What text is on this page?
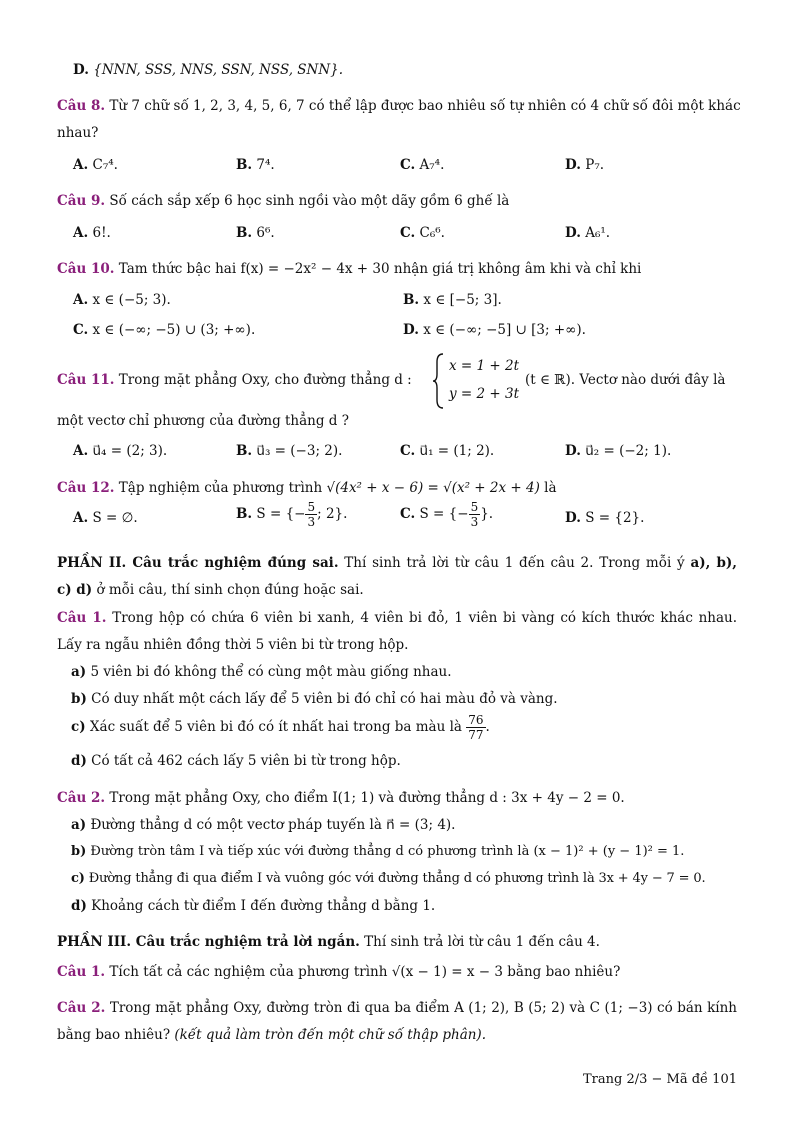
D. {NNN, SSS, NNS, SSN, NSS, SNN}.
Câu 8. Từ 7 chữ số 1, 2, 3, 4, 5, 6, 7 có thể lập được bao nhiêu số tự nhiên có 4 chữ số đôi một khác
nhau?
A. C₇⁴.	B. 7⁴.	C. A₇⁴.	D. P₇.
Câu 9. Số cách sắp xếp 6 học sinh ngồi vào một dãy gồm 6 ghế là
A. 6!.	B. 6⁶.	C. C₆⁶.	D. A₆¹.
Câu 10. Tam thức bậc hai f(x) = −2x² − 4x + 30 nhận giá trị không âm khi và chỉ khi
A. x ∈ (−5; 3).	B. x ∈ [−5; 3].
C. x ∈ (−∞; −5) ∪ (3; +∞).	D. x ∈ (−∞; −5] ∪ [3; +∞).
Câu 11. Trong mặt phẳng Oxy, cho đường thẳng d :
x = 1 + 2t
y = 2 + 3t
(t ∈ ℝ). Vectơ nào dưới đây là
một vectơ chỉ phương của đường thẳng d ?
A. u⃗₄ = (2; 3).	B. u⃗₃ = (−3; 2).	C. u⃗₁ = (1; 2).	D. u⃗₂ = (−2; 1).
Câu 12. Tập nghiệm của phương trình √(4x² + x − 6) = √(x² + 2x + 4) là
A. S = ∅.	B. S = {− $\frac{5}{3}$ ; 2}.	C. S = {− $\frac{5}{3}$ }.	D. S = {2}.
PHẦN II. Câu trắc nghiệm đúng sai. Thí sinh trả lời từ câu 1 đến câu 2. Trong mỗi ý a), b),
c) d) ở mỗi câu, thí sinh chọn đúng hoặc sai.
Câu 1. Trong hộp có chứa 6 viên bi xanh, 4 viên bi đỏ, 1 viên bi vàng có kích thước khác nhau.
Lấy ra ngẫu nhiên đồng thời 5 viên bi từ trong hộp.
a) 5 viên bi đó không thể có cùng một màu giống nhau.
b) Có duy nhất một cách lấy để 5 viên bi đó chỉ có hai màu đỏ và vàng.
c) Xác suất để 5 viên bi đó có ít nhất hai trong ba màu là $\frac{76}{77}$ .
d) Có tất cả 462 cách lấy 5 viên bi từ trong hộp.
Câu 2. Trong mặt phẳng Oxy, cho điểm I(1; 1) và đường thẳng d : 3x + 4y − 2 = 0.
a) Đường thẳng d có một vectơ pháp tuyến là n⃗ = (3; 4).
b) Đường tròn tâm I và tiếp xúc với đường thẳng d có phương trình là (x − 1)² + (y − 1)² = 1.
c) Đường thẳng đi qua điểm I và vuông góc với đường thẳng d có phương trình là 3x + 4y − 7 = 0.
d) Khoảng cách từ điểm I đến đường thẳng d bằng 1.
PHẦN III. Câu trắc nghiệm trả lời ngắn. Thí sinh trả lời từ câu 1 đến câu 4.
Câu 1. Tích tất cả các nghiệm của phương trình √(x − 1) = x − 3 bằng bao nhiêu?
Câu 2. Trong mặt phẳng Oxy, đường tròn đi qua ba điểm A (1; 2), B (5; 2) và C (1; −3) có bán kính
bằng bao nhiêu? (kết quả làm tròn đến một chữ số thập phân).
Trang 2/3 − Mã đề 101
